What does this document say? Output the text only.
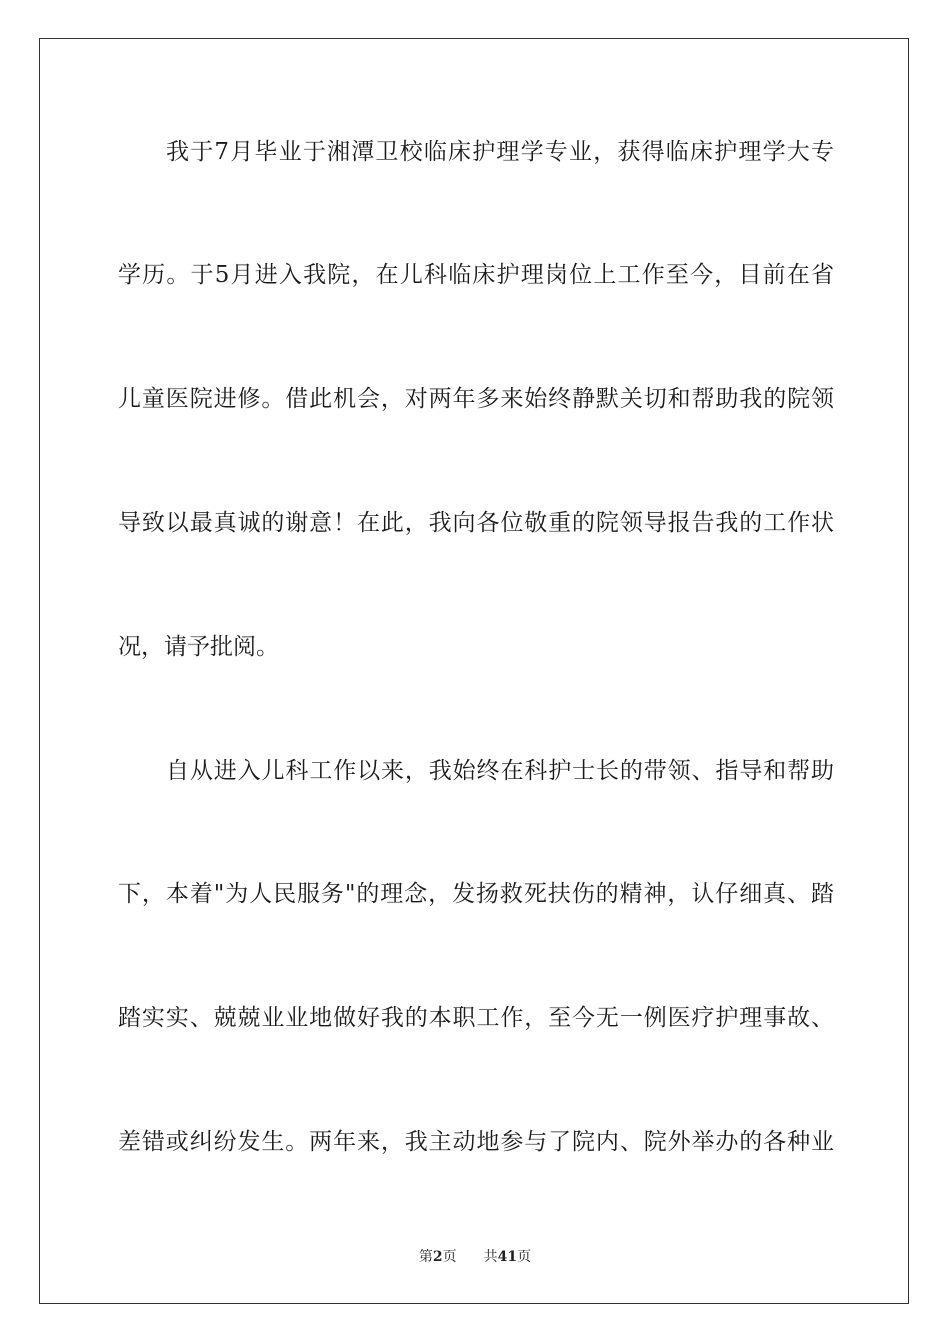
我于7月毕业于湘潭卫校临床护理学专业，获得临床护理学大专

学历。于5月进入我院，在儿科临床护理岗位上工作至今，目前在省

儿童医院进修。借此机会，对两年多来始终静默关切和帮助我的院领

导致以最真诚的谢意！在此，我向各位敬重的院领导报告我的工作状

况，请予批阅。

自从进入儿科工作以来，我始终在科护士长的带领、指导和帮助

下，本着"为人民服务"的理念，发扬救死扶伤的精神，认仔细真、踏

踏实实、兢兢业业地做好我的本职工作，至今无一例医疗护理事故、

差错或纠纷发生。两年来，我主动地参与了院内、院外举办的各种业

第2页 共41页
